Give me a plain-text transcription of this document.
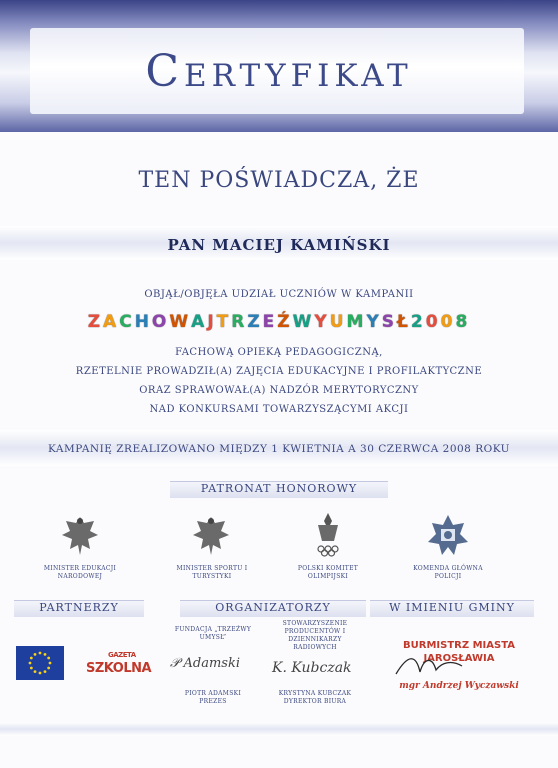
Certyfikat
TEN POŚWIADCZA, ŻE
PAN MACIEJ KAMIŃSKI
OBJĄŁ/OBJĘŁA UDZIAŁ UCZNIÓW W KAMPANII
ZACHOWAJTRZEŹWYUMYSŁ2008
FACHOWĄ OPIEKĄ PEDAGOGICZNĄ,
RZETELNIE PROWADZIŁ(A) ZAJĘCIA EDUKACYJNE I PROFILAKTYCZNE
ORAZ SPRAWOWAŁ(A) NADZÓR MERYTORYCZNY
NAD KONKURSAMI TOWARZYSZĄCYMI AKCJI
KAMPANIĘ ZREALIZOWANO MIĘDZY 1 KWIETNIA A 30 CZERWCA 2008 ROKU
PATRONAT HONOROWY
MINISTER EDUKACJI NARODOWEJ
MINISTER SPORTU I TURYSTYKI
POLSKI KOMITET OLIMPIJSKI
KOMENDA GŁÓWNA POLICJI
PARTNERZY	ORGANIZATORZY	W IMIENIU GMINY
GAZETA
SZKOLNA
FUNDACJA „TRZEŹWY UMYSŁ”
𝒫 Adamski
PIOTR ADAMSKI
PREZES
STOWARZYSZENIE PRODUCENTÓW I DZIENNIKARZY RADIOWYCH
K. Kubczak
KRYSTYNA KUBCZAK
DYREKTOR BIURA
BURMISTRZ MIASTA
JAROSŁAWIA
mgr Andrzej Wyczawski
